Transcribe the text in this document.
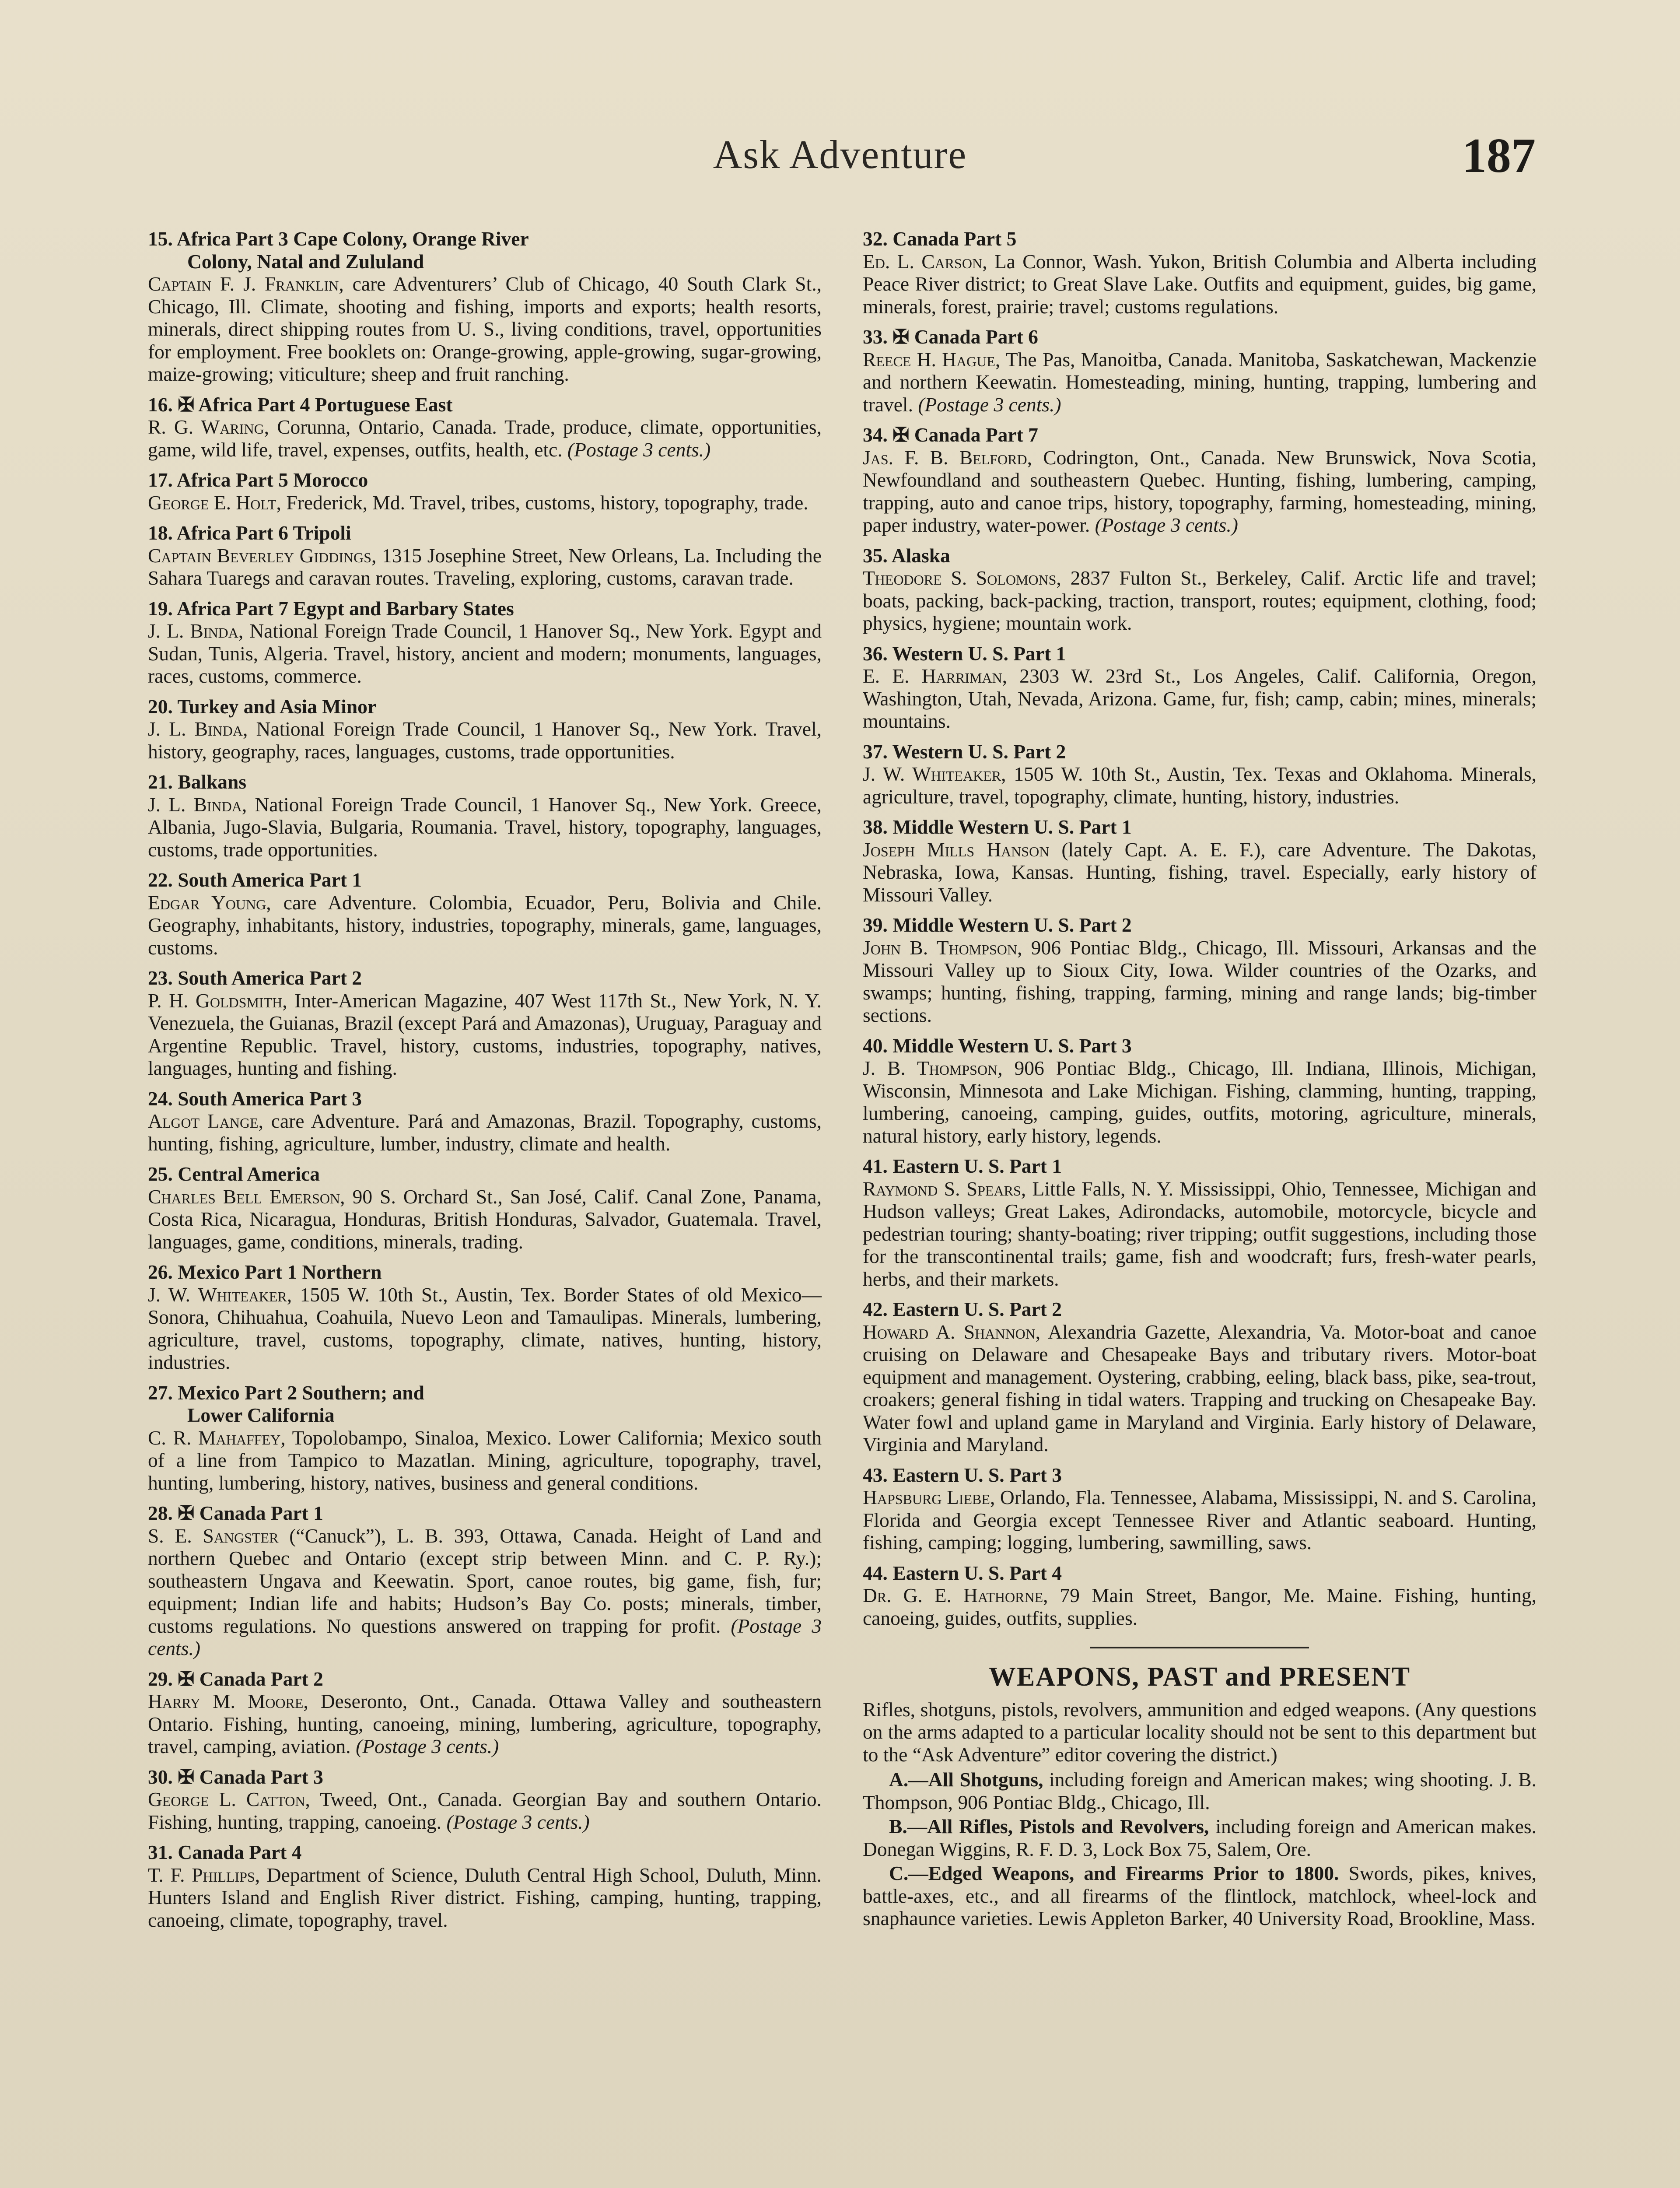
Ask Adventure	187
15. Africa Part 3 Cape Colony, Orange River
Colony, Natal and Zululand
Captain F. J. Franklin, care Adventurers’ Club of Chicago, 40 South Clark St., Chicago, Ill. Climate, shooting and fishing, imports and exports; health resorts, minerals, direct shipping routes from U. S., living conditions, travel, opportunities for employment. Free booklets on: Orange-growing, apple-growing, sugar-growing, maize-growing; viticulture; sheep and fruit ranching.
16. ✠ Africa Part 4 Portuguese East
R. G. Waring, Corunna, Ontario, Canada. Trade, produce, climate, opportunities, game, wild life, travel, expenses, outfits, health, etc. (Postage 3 cents.)
17. Africa Part 5 Morocco
George E. Holt, Frederick, Md. Travel, tribes, customs, history, topography, trade.
18. Africa Part 6 Tripoli
Captain Beverley Giddings, 1315 Josephine Street, New Orleans, La. Including the Sahara Tuaregs and caravan routes. Traveling, exploring, customs, caravan trade.
19. Africa Part 7 Egypt and Barbary States
J. L. Binda, National Foreign Trade Council, 1 Hanover Sq., New York. Egypt and Sudan, Tunis, Algeria. Travel, history, ancient and modern; monuments, languages, races, customs, commerce.
20. Turkey and Asia Minor
J. L. Binda, National Foreign Trade Council, 1 Hanover Sq., New York. Travel, history, geography, races, languages, customs, trade opportunities.
21. Balkans
J. L. Binda, National Foreign Trade Council, 1 Hanover Sq., New York. Greece, Albania, Jugo-Slavia, Bulgaria, Roumania. Travel, history, topography, languages, customs, trade opportunities.
22. South America Part 1
Edgar Young, care Adventure. Colombia, Ecuador, Peru, Bolivia and Chile. Geography, inhabitants, history, industries, topography, minerals, game, languages, customs.
23. South America Part 2
P. H. Goldsmith, Inter-American Magazine, 407 West 117th St., New York, N. Y. Venezuela, the Guianas, Brazil (except Pará and Amazonas), Uruguay, Paraguay and Argentine Republic. Travel, history, customs, industries, topography, natives, languages, hunting and fishing.
24. South America Part 3
Algot Lange, care Adventure. Pará and Amazonas, Brazil. Topography, customs, hunting, fishing, agriculture, lumber, industry, climate and health.
25. Central America
Charles Bell Emerson, 90 S. Orchard St., San José, Calif. Canal Zone, Panama, Costa Rica, Nicaragua, Honduras, British Honduras, Salvador, Guatemala. Travel, languages, game, conditions, minerals, trading.
26. Mexico Part 1 Northern
J. W. Whiteaker, 1505 W. 10th St., Austin, Tex. Border States of old Mexico—Sonora, Chihuahua, Coahuila, Nuevo Leon and Tamaulipas. Minerals, lumbering, agriculture, travel, customs, topography, climate, natives, hunting, history, industries.
27. Mexico Part 2 Southern; and
Lower California
C. R. Mahaffey, Topolobampo, Sinaloa, Mexico. Lower California; Mexico south of a line from Tampico to Mazatlan. Mining, agriculture, topography, travel, hunting, lumbering, history, natives, business and general conditions.
28. ✠ Canada Part 1
S. E. Sangster (“Canuck”), L. B. 393, Ottawa, Canada. Height of Land and northern Quebec and Ontario (except strip between Minn. and C. P. Ry.); southeastern Ungava and Keewatin. Sport, canoe routes, big game, fish, fur; equipment; Indian life and habits; Hudson’s Bay Co. posts; minerals, timber, customs regulations. No questions answered on trapping for profit. (Postage 3 cents.)
29. ✠ Canada Part 2
Harry M. Moore, Deseronto, Ont., Canada. Ottawa Valley and southeastern Ontario. Fishing, hunting, canoeing, mining, lumbering, agriculture, topography, travel, camping, aviation. (Postage 3 cents.)
30. ✠ Canada Part 3
George L. Catton, Tweed, Ont., Canada. Georgian Bay and southern Ontario. Fishing, hunting, trapping, canoeing. (Postage 3 cents.)
31. Canada Part 4
T. F. Phillips, Department of Science, Duluth Central High School, Duluth, Minn. Hunters Island and English River district. Fishing, camping, hunting, trapping, canoeing, climate, topography, travel.
32. Canada Part 5
Ed. L. Carson, La Connor, Wash. Yukon, British Columbia and Alberta including Peace River district; to Great Slave Lake. Outfits and equipment, guides, big game, minerals, forest, prairie; travel; customs regulations.
33. ✠ Canada Part 6
Reece H. Hague, The Pas, Manoitba, Canada. Manitoba, Saskatchewan, Mackenzie and northern Keewatin. Homesteading, mining, hunting, trapping, lumbering and travel. (Postage 3 cents.)
34. ✠ Canada Part 7
Jas. F. B. Belford, Codrington, Ont., Canada. New Brunswick, Nova Scotia, Newfoundland and southeastern Quebec. Hunting, fishing, lumbering, camping, trapping, auto and canoe trips, history, topography, farming, homesteading, mining, paper industry, water-power. (Postage 3 cents.)
35. Alaska
Theodore S. Solomons, 2837 Fulton St., Berkeley, Calif. Arctic life and travel; boats, packing, back-packing, traction, transport, routes; equipment, clothing, food; physics, hygiene; mountain work.
36. Western U. S. Part 1
E. E. Harriman, 2303 W. 23rd St., Los Angeles, Calif. California, Oregon, Washington, Utah, Nevada, Arizona. Game, fur, fish; camp, cabin; mines, minerals; mountains.
37. Western U. S. Part 2
J. W. Whiteaker, 1505 W. 10th St., Austin, Tex. Texas and Oklahoma. Minerals, agriculture, travel, topography, climate, hunting, history, industries.
38. Middle Western U. S. Part 1
Joseph Mills Hanson (lately Capt. A. E. F.), care Adventure. The Dakotas, Nebraska, Iowa, Kansas. Hunting, fishing, travel. Especially, early history of Missouri Valley.
39. Middle Western U. S. Part 2
John B. Thompson, 906 Pontiac Bldg., Chicago, Ill. Missouri, Arkansas and the Missouri Valley up to Sioux City, Iowa. Wilder countries of the Ozarks, and swamps; hunting, fishing, trapping, farming, mining and range lands; big-timber sections.
40. Middle Western U. S. Part 3
J. B. Thompson, 906 Pontiac Bldg., Chicago, Ill. Indiana, Illinois, Michigan, Wisconsin, Minnesota and Lake Michigan. Fishing, clamming, hunting, trapping, lumbering, canoeing, camping, guides, outfits, motoring, agriculture, minerals, natural history, early history, legends.
41. Eastern U. S. Part 1
Raymond S. Spears, Little Falls, N. Y. Mississippi, Ohio, Tennessee, Michigan and Hudson valleys; Great Lakes, Adirondacks, automobile, motorcycle, bicycle and pedestrian touring; shanty-boating; river tripping; outfit suggestions, including those for the transcontinental trails; game, fish and woodcraft; furs, fresh-water pearls, herbs, and their markets.
42. Eastern U. S. Part 2
Howard A. Shannon, Alexandria Gazette, Alexandria, Va. Motor-boat and canoe cruising on Delaware and Chesapeake Bays and tributary rivers. Motor-boat equipment and management. Oystering, crabbing, eeling, black bass, pike, sea-trout, croakers; general fishing in tidal waters. Trapping and trucking on Chesapeake Bay. Water fowl and upland game in Maryland and Virginia. Early history of Delaware, Virginia and Maryland.
43. Eastern U. S. Part 3
Hapsburg Liebe, Orlando, Fla. Tennessee, Alabama, Mississippi, N. and S. Carolina, Florida and Georgia except Tennessee River and Atlantic seaboard. Hunting, fishing, camping; logging, lumbering, sawmilling, saws.
44. Eastern U. S. Part 4
Dr. G. E. Hathorne, 79 Main Street, Bangor, Me. Maine. Fishing, hunting, canoeing, guides, outfits, supplies.
WEAPONS, PAST and PRESENT
Rifles, shotguns, pistols, revolvers, ammunition and edged weapons. (Any questions on the arms adapted to a particular locality should not be sent to this department but to the “Ask Adventure” editor covering the district.)
A.—All Shotguns, including foreign and American makes; wing shooting. J. B. Thompson, 906 Pontiac Bldg., Chicago, Ill.
B.—All Rifles, Pistols and Revolvers, including foreign and American makes. Donegan Wiggins, R. F. D. 3, Lock Box 75, Salem, Ore.
C.—Edged Weapons, and Firearms Prior to 1800. Swords, pikes, knives, battle-axes, etc., and all firearms of the flintlock, matchlock, wheel-lock and snaphaunce varieties. Lewis Appleton Barker, 40 University Road, Brookline, Mass.
